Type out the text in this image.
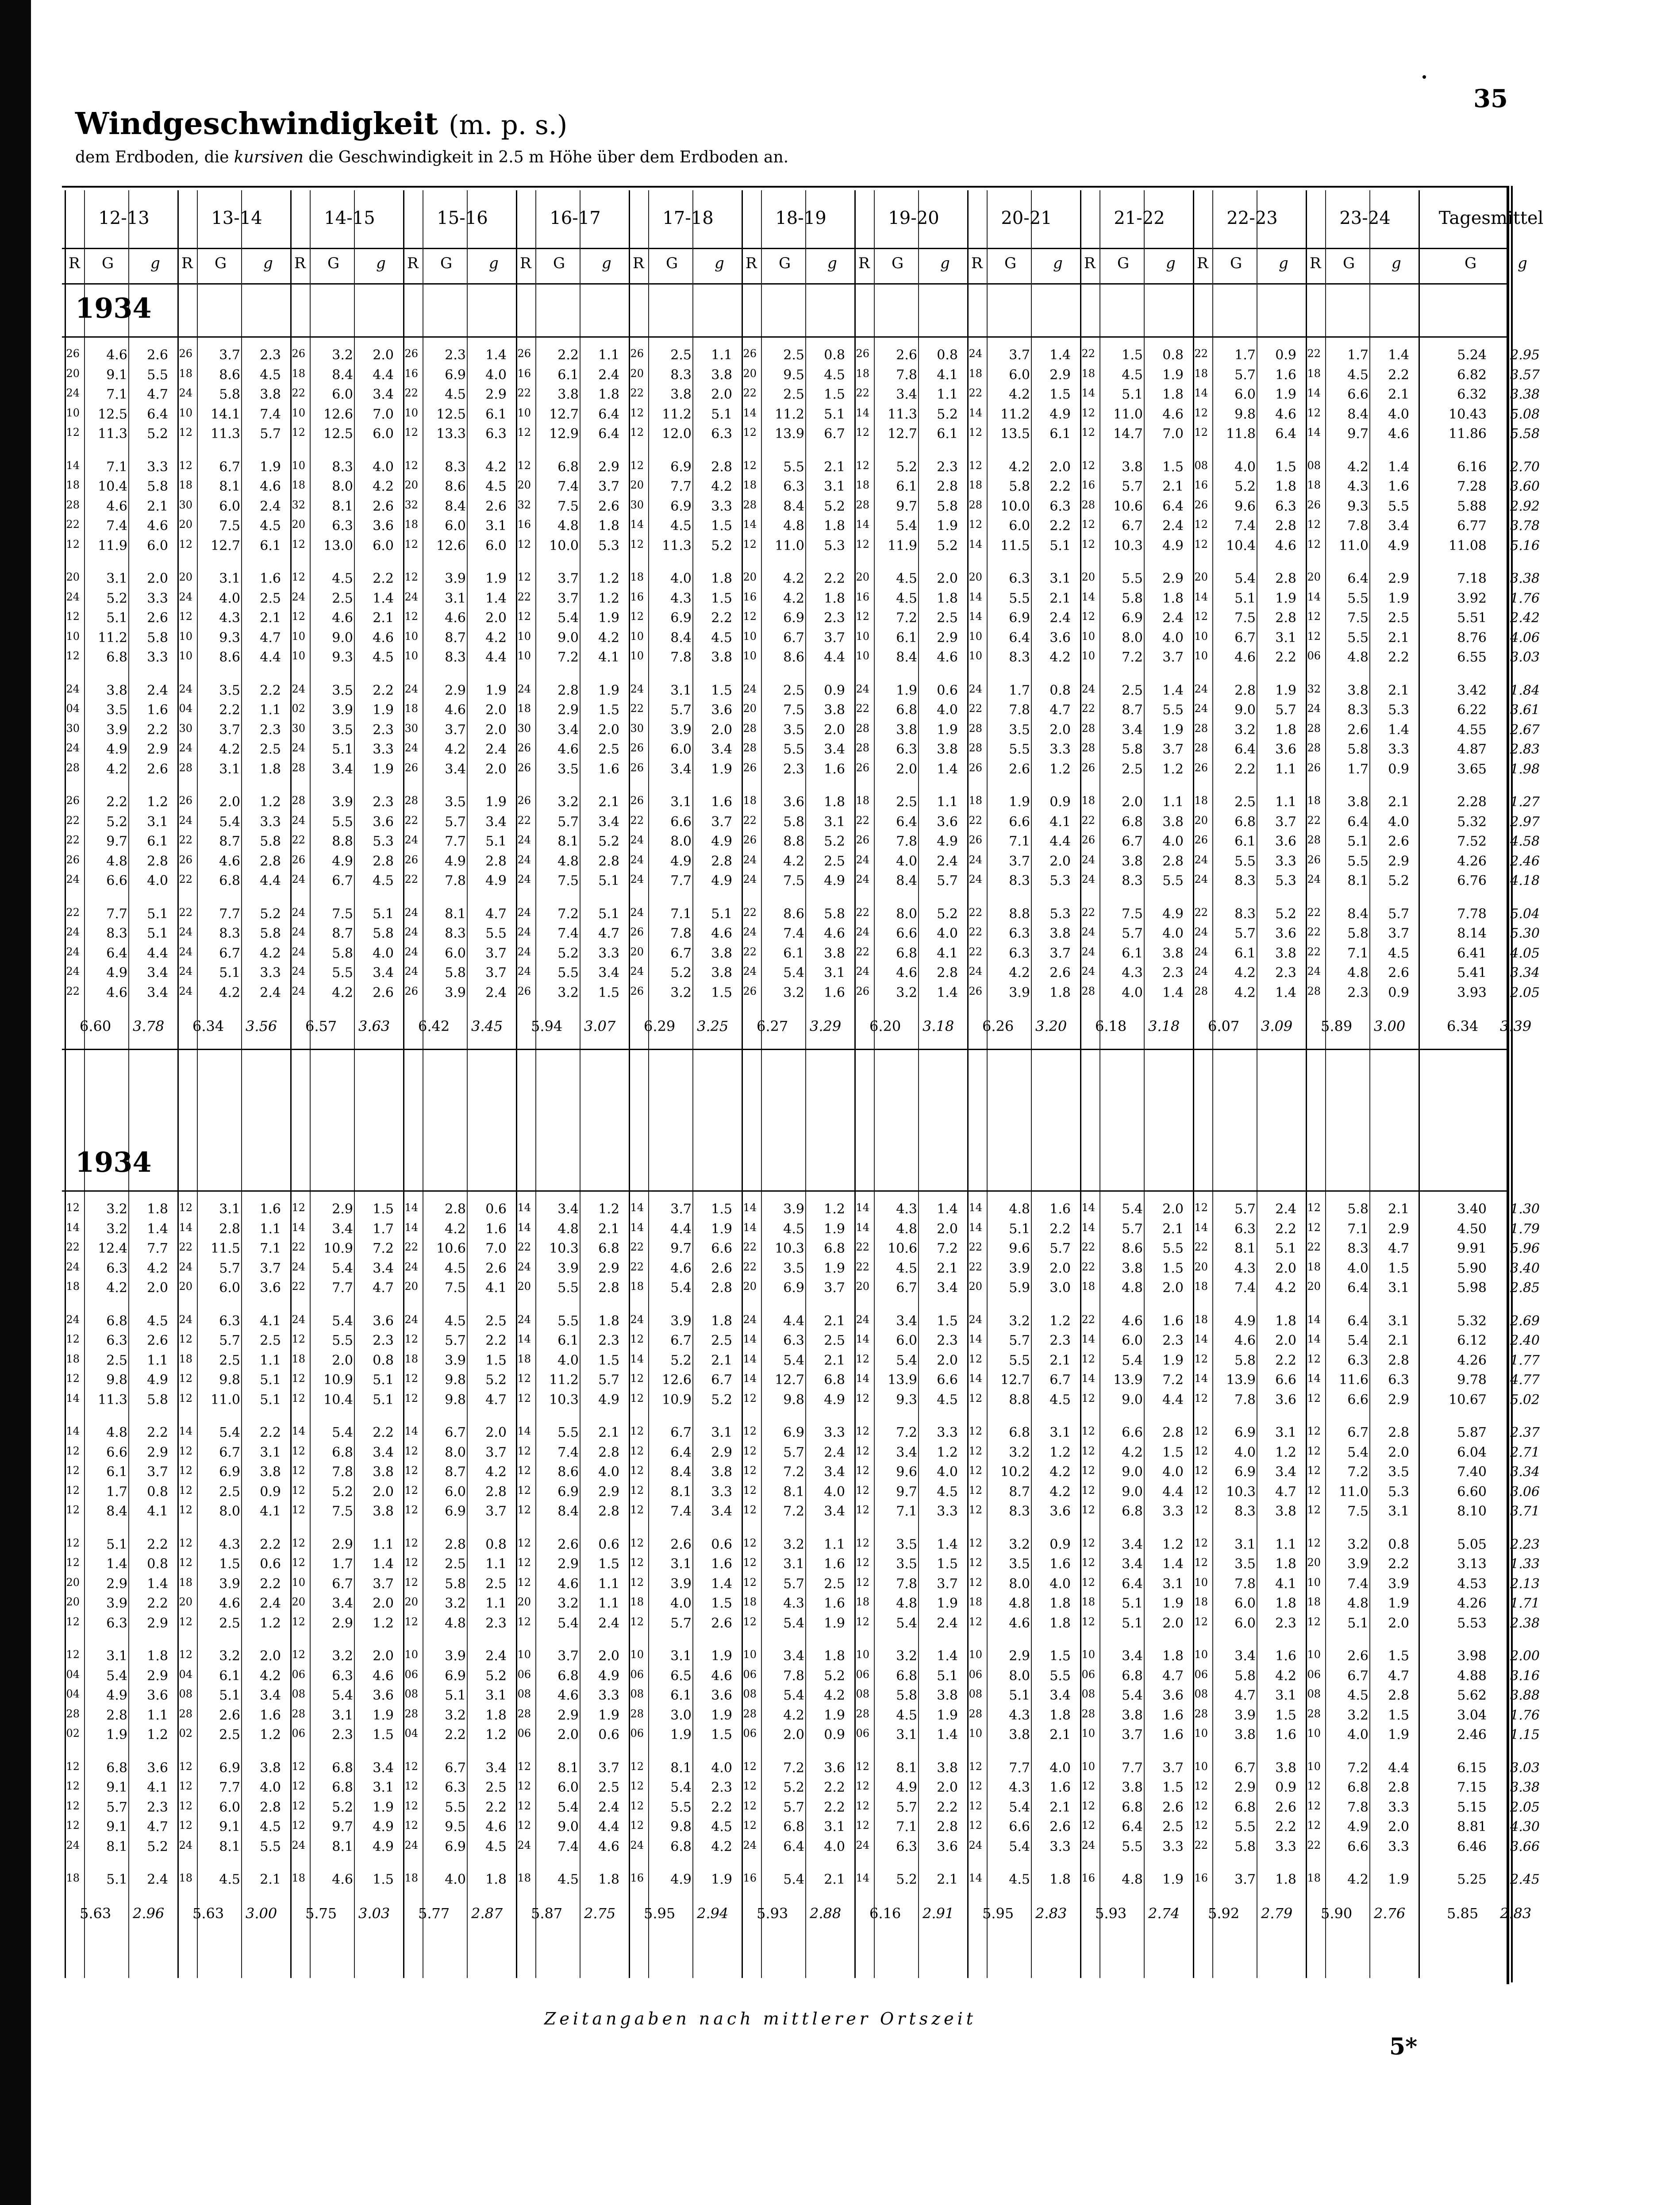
35
Windgeschwindigkeit (m. p. s.)
dem Erdboden, die kursiven die Geschwindigkeit in 2.5 m Höhe über dem Erdboden an.
12-13
R G g
13-14
R G g
14-15
R G g
15-16
R G g
16-17
R G g
17-18
R G g
18-19
R G g
19-20
R G g
20-21
R G g
21-22
R G g
22-23
R G g
23-24
R G g
Tagesmittel
G	g
1934
26	4.6	2.6	26	3.7	2.3	26	3.2	2.0	26	2.3	1.4	26	2.2	1.1	26	2.5	1.1	26	2.5	0.8	26	2.6	0.8	24	3.7	1.4	22	1.5	0.8	22	1.7	0.9	22	1.7	1.4	5.24	2.95
20	9.1	5.5	18	8.6	4.5	18	8.4	4.4	16	6.9	4.0	16	6.1	2.4	20	8.3	3.8	20	9.5	4.5	18	7.8	4.1	18	6.0	2.9	18	4.5	1.9	18	5.7	1.6	18	4.5	2.2	6.82	3.57
24	7.1	4.7	24	5.8	3.8	22	6.0	3.4	22	4.5	2.9	22	3.8	1.8	22	3.8	2.0	22	2.5	1.5	22	3.4	1.1	22	4.2	1.5	14	5.1	1.8	14	6.0	1.9	14	6.6	2.1	6.32	3.38
10	12.5	6.4	10	14.1	7.4	10	12.6	7.0	10	12.5	6.1	10	12.7	6.4	12	11.2	5.1	14	11.2	5.1	14	11.3	5.2	14	11.2	4.9	12	11.0	4.6	12	9.8	4.6	12	8.4	4.0	10.43	5.08
12	11.3	5.2	12	11.3	5.7	12	12.5	6.0	12	13.3	6.3	12	12.9	6.4	12	12.0	6.3	12	13.9	6.7	12	12.7	6.1	12	13.5	6.1	12	14.7	7.0	12	11.8	6.4	14	9.7	4.6	11.86	5.58
14	7.1	3.3	12	6.7	1.9	10	8.3	4.0	12	8.3	4.2	12	6.8	2.9	12	6.9	2.8	12	5.5	2.1	12	5.2	2.3	12	4.2	2.0	12	3.8	1.5	08	4.0	1.5	08	4.2	1.4	6.16	2.70
18	10.4	5.8	18	8.1	4.6	18	8.0	4.2	20	8.6	4.5	20	7.4	3.7	20	7.7	4.2	18	6.3	3.1	18	6.1	2.8	18	5.8	2.2	16	5.7	2.1	16	5.2	1.8	18	4.3	1.6	7.28	3.60
28	4.6	2.1	30	6.0	2.4	32	8.1	2.6	32	8.4	2.6	32	7.5	2.6	30	6.9	3.3	28	8.4	5.2	28	9.7	5.8	28	10.0	6.3	28	10.6	6.4	26	9.6	6.3	26	9.3	5.5	5.88	2.92
22	7.4	4.6	20	7.5	4.5	20	6.3	3.6	18	6.0	3.1	16	4.8	1.8	14	4.5	1.5	14	4.8	1.8	14	5.4	1.9	12	6.0	2.2	12	6.7	2.4	12	7.4	2.8	12	7.8	3.4	6.77	3.78
12	11.9	6.0	12	12.7	6.1	12	13.0	6.0	12	12.6	6.0	12	10.0	5.3	12	11.3	5.2	12	11.0	5.3	12	11.9	5.2	14	11.5	5.1	12	10.3	4.9	12	10.4	4.6	12	11.0	4.9	11.08	5.16
20	3.1	2.0	20	3.1	1.6	12	4.5	2.2	12	3.9	1.9	12	3.7	1.2	18	4.0	1.8	20	4.2	2.2	20	4.5	2.0	20	6.3	3.1	20	5.5	2.9	20	5.4	2.8	20	6.4	2.9	7.18	3.38
24	5.2	3.3	24	4.0	2.5	24	2.5	1.4	24	3.1	1.4	22	3.7	1.2	16	4.3	1.5	16	4.2	1.8	16	4.5	1.8	14	5.5	2.1	14	5.8	1.8	14	5.1	1.9	14	5.5	1.9	3.92	1.76
12	5.1	2.6	12	4.3	2.1	12	4.6	2.1	12	4.6	2.0	12	5.4	1.9	12	6.9	2.2	12	6.9	2.3	12	7.2	2.5	14	6.9	2.4	12	6.9	2.4	12	7.5	2.8	12	7.5	2.5	5.51	2.42
10	11.2	5.8	10	9.3	4.7	10	9.0	4.6	10	8.7	4.2	10	9.0	4.2	10	8.4	4.5	10	6.7	3.7	10	6.1	2.9	10	6.4	3.6	10	8.0	4.0	10	6.7	3.1	12	5.5	2.1	8.76	4.06
12	6.8	3.3	10	8.6	4.4	10	9.3	4.5	10	8.3	4.4	10	7.2	4.1	10	7.8	3.8	10	8.6	4.4	10	8.4	4.6	10	8.3	4.2	10	7.2	3.7	10	4.6	2.2	06	4.8	2.2	6.55	3.03
24	3.8	2.4	24	3.5	2.2	24	3.5	2.2	24	2.9	1.9	24	2.8	1.9	24	3.1	1.5	24	2.5	0.9	24	1.9	0.6	24	1.7	0.8	24	2.5	1.4	24	2.8	1.9	32	3.8	2.1	3.42	1.84
04	3.5	1.6	04	2.2	1.1	02	3.9	1.9	18	4.6	2.0	18	2.9	1.5	22	5.7	3.6	20	7.5	3.8	22	6.8	4.0	22	7.8	4.7	22	8.7	5.5	24	9.0	5.7	24	8.3	5.3	6.22	3.61
30	3.9	2.2	30	3.7	2.3	30	3.5	2.3	30	3.7	2.0	30	3.4	2.0	30	3.9	2.0	28	3.5	2.0	28	3.8	1.9	28	3.5	2.0	28	3.4	1.9	28	3.2	1.8	28	2.6	1.4	4.55	2.67
24	4.9	2.9	24	4.2	2.5	24	5.1	3.3	24	4.2	2.4	26	4.6	2.5	26	6.0	3.4	28	5.5	3.4	28	6.3	3.8	28	5.5	3.3	28	5.8	3.7	28	6.4	3.6	28	5.8	3.3	4.87	2.83
28	4.2	2.6	28	3.1	1.8	28	3.4	1.9	26	3.4	2.0	26	3.5	1.6	26	3.4	1.9	26	2.3	1.6	26	2.0	1.4	26	2.6	1.2	26	2.5	1.2	26	2.2	1.1	26	1.7	0.9	3.65	1.98
26	2.2	1.2	26	2.0	1.2	28	3.9	2.3	28	3.5	1.9	26	3.2	2.1	26	3.1	1.6	18	3.6	1.8	18	2.5	1.1	18	1.9	0.9	18	2.0	1.1	18	2.5	1.1	18	3.8	2.1	2.28	1.27
22	5.2	3.1	24	5.4	3.3	24	5.5	3.6	22	5.7	3.4	22	5.7	3.4	22	6.6	3.7	22	5.8	3.1	22	6.4	3.6	22	6.6	4.1	22	6.8	3.8	20	6.8	3.7	22	6.4	4.0	5.32	2.97
22	9.7	6.1	22	8.7	5.8	22	8.8	5.3	24	7.7	5.1	24	8.1	5.2	24	8.0	4.9	26	8.8	5.2	26	7.8	4.9	26	7.1	4.4	26	6.7	4.0	26	6.1	3.6	28	5.1	2.6	7.52	4.58
26	4.8	2.8	26	4.6	2.8	26	4.9	2.8	26	4.9	2.8	24	4.8	2.8	24	4.9	2.8	24	4.2	2.5	24	4.0	2.4	24	3.7	2.0	24	3.8	2.8	24	5.5	3.3	26	5.5	2.9	4.26	2.46
24	6.6	4.0	22	6.8	4.4	24	6.7	4.5	22	7.8	4.9	24	7.5	5.1	24	7.7	4.9	24	7.5	4.9	24	8.4	5.7	24	8.3	5.3	24	8.3	5.5	24	8.3	5.3	24	8.1	5.2	6.76	4.18
22	7.7	5.1	22	7.7	5.2	24	7.5	5.1	24	8.1	4.7	24	7.2	5.1	24	7.1	5.1	22	8.6	5.8	22	8.0	5.2	22	8.8	5.3	22	7.5	4.9	22	8.3	5.2	22	8.4	5.7	7.78	5.04
24	8.3	5.1	24	8.3	5.8	24	8.7	5.8	24	8.3	5.5	24	7.4	4.7	26	7.8	4.6	24	7.4	4.6	24	6.6	4.0	22	6.3	3.8	24	5.7	4.0	24	5.7	3.6	22	5.8	3.7	8.14	5.30
24	6.4	4.4	24	6.7	4.2	24	5.8	4.0	24	6.0	3.7	24	5.2	3.3	20	6.7	3.8	22	6.1	3.8	22	6.8	4.1	22	6.3	3.7	24	6.1	3.8	24	6.1	3.8	22	7.1	4.5	6.41	4.05
24	4.9	3.4	24	5.1	3.3	24	5.5	3.4	24	5.8	3.7	24	5.5	3.4	24	5.2	3.8	24	5.4	3.1	24	4.6	2.8	24	4.2	2.6	24	4.3	2.3	24	4.2	2.3	24	4.8	2.6	5.41	3.34
22	4.6	3.4	24	4.2	2.4	24	4.2	2.6	26	3.9	2.4	26	3.2	1.5	26	3.2	1.5	26	3.2	1.6	26	3.2	1.4	26	3.9	1.8	28	4.0	1.4	28	4.2	1.4	28	2.3	0.9	3.93	2.05
6.60 3.78 6.34 3.56 6.57 3.63 6.42 3.45 5.94 3.07 6.29 3.25 6.27 3.29 6.20 3.18 6.26 3.20 6.18 3.18 6.07 3.09 5.89 3.00	6.34 3.39
1934
12	3.2	1.8	12	3.1	1.6	12	2.9	1.5	14	2.8	0.6	14	3.4	1.2	14	3.7	1.5	14	3.9	1.2	14	4.3	1.4	14	4.8	1.6	14	5.4	2.0	12	5.7	2.4	12	5.8	2.1	3.40	1.30
14	3.2	1.4	14	2.8	1.1	14	3.4	1.7	14	4.2	1.6	14	4.8	2.1	14	4.4	1.9	14	4.5	1.9	14	4.8	2.0	14	5.1	2.2	14	5.7	2.1	14	6.3	2.2	12	7.1	2.9	4.50	1.79
22	12.4	7.7	22	11.5	7.1	22	10.9	7.2	22	10.6	7.0	22	10.3	6.8	22	9.7	6.6	22	10.3	6.8	22	10.6	7.2	22	9.6	5.7	22	8.6	5.5	22	8.1	5.1	22	8.3	4.7	9.91	5.96
24	6.3	4.2	24	5.7	3.7	24	5.4	3.4	24	4.5	2.6	24	3.9	2.9	22	4.6	2.6	22	3.5	1.9	22	4.5	2.1	22	3.9	2.0	22	3.8	1.5	20	4.3	2.0	18	4.0	1.5	5.90	3.40
18	4.2	2.0	20	6.0	3.6	22	7.7	4.7	20	7.5	4.1	20	5.5	2.8	18	5.4	2.8	20	6.9	3.7	20	6.7	3.4	20	5.9	3.0	18	4.8	2.0	18	7.4	4.2	20	6.4	3.1	5.98	2.85
24	6.8	4.5	24	6.3	4.1	24	5.4	3.6	24	4.5	2.5	24	5.5	1.8	24	3.9	1.8	24	4.4	2.1	24	3.4	1.5	24	3.2	1.2	22	4.6	1.6	18	4.9	1.8	14	6.4	3.1	5.32	2.69
12	6.3	2.6	12	5.7	2.5	12	5.5	2.3	12	5.7	2.2	14	6.1	2.3	12	6.7	2.5	14	6.3	2.5	14	6.0	2.3	14	5.7	2.3	14	6.0	2.3	14	4.6	2.0	14	5.4	2.1	6.12	2.40
18	2.5	1.1	18	2.5	1.1	18	2.0	0.8	18	3.9	1.5	18	4.0	1.5	14	5.2	2.1	14	5.4	2.1	12	5.4	2.0	12	5.5	2.1	12	5.4	1.9	12	5.8	2.2	12	6.3	2.8	4.26	1.77
12	9.8	4.9	12	9.8	5.1	12	10.9	5.1	12	9.8	5.2	12	11.2	5.7	12	12.6	6.7	14	12.7	6.8	14	13.9	6.6	14	12.7	6.7	14	13.9	7.2	14	13.9	6.6	14	11.6	6.3	9.78	4.77
14	11.3	5.8	12	11.0	5.1	12	10.4	5.1	12	9.8	4.7	12	10.3	4.9	12	10.9	5.2	12	9.8	4.9	12	9.3	4.5	12	8.8	4.5	12	9.0	4.4	12	7.8	3.6	12	6.6	2.9	10.67	5.02
14	4.8	2.2	14	5.4	2.2	14	5.4	2.2	14	6.7	2.0	14	5.5	2.1	12	6.7	3.1	12	6.9	3.3	12	7.2	3.3	12	6.8	3.1	12	6.6	2.8	12	6.9	3.1	12	6.7	2.8	5.87	2.37
12	6.6	2.9	12	6.7	3.1	12	6.8	3.4	12	8.0	3.7	12	7.4	2.8	12	6.4	2.9	12	5.7	2.4	12	3.4	1.2	12	3.2	1.2	12	4.2	1.5	12	4.0	1.2	12	5.4	2.0	6.04	2.71
12	6.1	3.7	12	6.9	3.8	12	7.8	3.8	12	8.7	4.2	12	8.6	4.0	12	8.4	3.8	12	7.2	3.4	12	9.6	4.0	12	10.2	4.2	12	9.0	4.0	12	6.9	3.4	12	7.2	3.5	7.40	3.34
12	1.7	0.8	12	2.5	0.9	12	5.2	2.0	12	6.0	2.8	12	6.9	2.9	12	8.1	3.3	12	8.1	4.0	12	9.7	4.5	12	8.7	4.2	12	9.0	4.4	12	10.3	4.7	12	11.0	5.3	6.60	3.06
12	8.4	4.1	12	8.0	4.1	12	7.5	3.8	12	6.9	3.7	12	8.4	2.8	12	7.4	3.4	12	7.2	3.4	12	7.1	3.3	12	8.3	3.6	12	6.8	3.3	12	8.3	3.8	12	7.5	3.1	8.10	3.71
12	5.1	2.2	12	4.3	2.2	12	2.9	1.1	12	2.8	0.8	12	2.6	0.6	12	2.6	0.6	12	3.2	1.1	12	3.5	1.4	12	3.2	0.9	12	3.4	1.2	12	3.1	1.1	12	3.2	0.8	5.05	2.23
12	1.4	0.8	12	1.5	0.6	12	1.7	1.4	12	2.5	1.1	12	2.9	1.5	12	3.1	1.6	12	3.1	1.6	12	3.5	1.5	12	3.5	1.6	12	3.4	1.4	12	3.5	1.8	20	3.9	2.2	3.13	1.33
20	2.9	1.4	18	3.9	2.2	10	6.7	3.7	12	5.8	2.5	12	4.6	1.1	12	3.9	1.4	12	5.7	2.5	12	7.8	3.7	12	8.0	4.0	12	6.4	3.1	10	7.8	4.1	10	7.4	3.9	4.53	2.13
20	3.9	2.2	20	4.6	2.4	20	3.4	2.0	20	3.2	1.1	20	3.2	1.1	18	4.0	1.5	18	4.3	1.6	18	4.8	1.9	18	4.8	1.8	18	5.1	1.9	18	6.0	1.8	18	4.8	1.9	4.26	1.71
12	6.3	2.9	12	2.5	1.2	12	2.9	1.2	12	4.8	2.3	12	5.4	2.4	12	5.7	2.6	12	5.4	1.9	12	5.4	2.4	12	4.6	1.8	12	5.1	2.0	12	6.0	2.3	12	5.1	2.0	5.53	2.38
12	3.1	1.8	12	3.2	2.0	12	3.2	2.0	10	3.9	2.4	10	3.7	2.0	10	3.1	1.9	10	3.4	1.8	10	3.2	1.4	10	2.9	1.5	10	3.4	1.8	10	3.4	1.6	10	2.6	1.5	3.98	2.00
04	5.4	2.9	04	6.1	4.2	06	6.3	4.6	06	6.9	5.2	06	6.8	4.9	06	6.5	4.6	06	7.8	5.2	06	6.8	5.1	06	8.0	5.5	06	6.8	4.7	06	5.8	4.2	06	6.7	4.7	4.88	3.16
04	4.9	3.6	08	5.1	3.4	08	5.4	3.6	08	5.1	3.1	08	4.6	3.3	08	6.1	3.6	08	5.4	4.2	08	5.8	3.8	08	5.1	3.4	08	5.4	3.6	08	4.7	3.1	08	4.5	2.8	5.62	3.88
28	2.8	1.1	28	2.6	1.6	28	3.1	1.9	28	3.2	1.8	28	2.9	1.9	28	3.0	1.9	28	4.2	1.9	28	4.5	1.9	28	4.3	1.8	28	3.8	1.6	28	3.9	1.5	28	3.2	1.5	3.04	1.76
02	1.9	1.2	02	2.5	1.2	06	2.3	1.5	04	2.2	1.2	06	2.0	0.6	06	1.9	1.5	06	2.0	0.9	06	3.1	1.4	10	3.8	2.1	10	3.7	1.6	10	3.8	1.6	10	4.0	1.9	2.46	1.15
12	6.8	3.6	12	6.9	3.8	12	6.8	3.4	12	6.7	3.4	12	8.1	3.7	12	8.1	4.0	12	7.2	3.6	12	8.1	3.8	12	7.7	4.0	10	7.7	3.7	10	6.7	3.8	10	7.2	4.4	6.15	3.03
12	9.1	4.1	12	7.7	4.0	12	6.8	3.1	12	6.3	2.5	12	6.0	2.5	12	5.4	2.3	12	5.2	2.2	12	4.9	2.0	12	4.3	1.6	12	3.8	1.5	12	2.9	0.9	12	6.8	2.8	7.15	3.38
12	5.7	2.3	12	6.0	2.8	12	5.2	1.9	12	5.5	2.2	12	5.4	2.4	12	5.5	2.2	12	5.7	2.2	12	5.7	2.2	12	5.4	2.1	12	6.8	2.6	12	6.8	2.6	12	7.8	3.3	5.15	2.05
12	9.1	4.7	12	9.1	4.5	12	9.7	4.9	12	9.5	4.6	12	9.0	4.4	12	9.8	4.5	12	6.8	3.1	12	7.1	2.8	12	6.6	2.6	12	6.4	2.5	12	5.5	2.2	12	4.9	2.0	8.81	4.30
24	8.1	5.2	24	8.1	5.5	24	8.1	4.9	24	6.9	4.5	24	7.4	4.6	24	6.8	4.2	24	6.4	4.0	24	6.3	3.6	24	5.4	3.3	24	5.5	3.3	22	5.8	3.3	22	6.6	3.3	6.46	3.66
18	5.1	2.4	18	4.5	2.1	18	4.6	1.5	18	4.0	1.8	18	4.5	1.8	16	4.9	1.9	16	5.4	2.1	14	5.2	2.1	14	4.5	1.8	16	4.8	1.9	16	3.7	1.8	18	4.2	1.9	5.25	2.45
5.63 2.96 5.63 3.00 5.75 3.03 5.77 2.87 5.87 2.75 5.95 2.94 5.93 2.88 6.16 2.91 5.95 2.83 5.93 2.74 5.92 2.79 5.90 2.76	5.85 2.83
Zeitangaben nach mittlerer Ortszeit
5*
